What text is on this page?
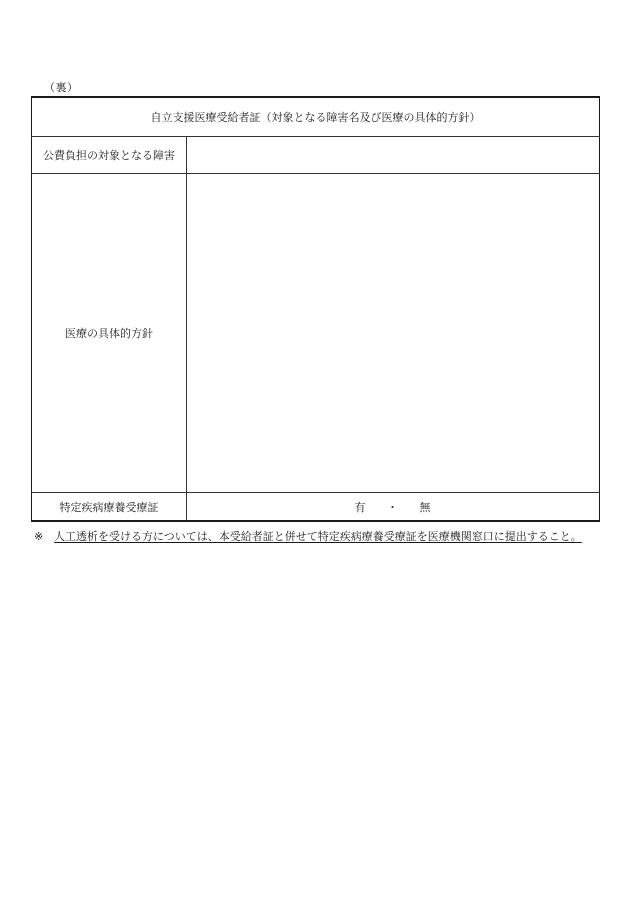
（裏）
自立支援医療受給者証（対象となる障害名及び医療の具体的方針）	
公費負担の対象となる障害	
医療の具体的方針	
特定疾病療養受療証	有 ・ 無
※ 人工透析を受ける方については、本受給者証と併せて特定疾病療養受療証を医療機関窓口に提出すること。
